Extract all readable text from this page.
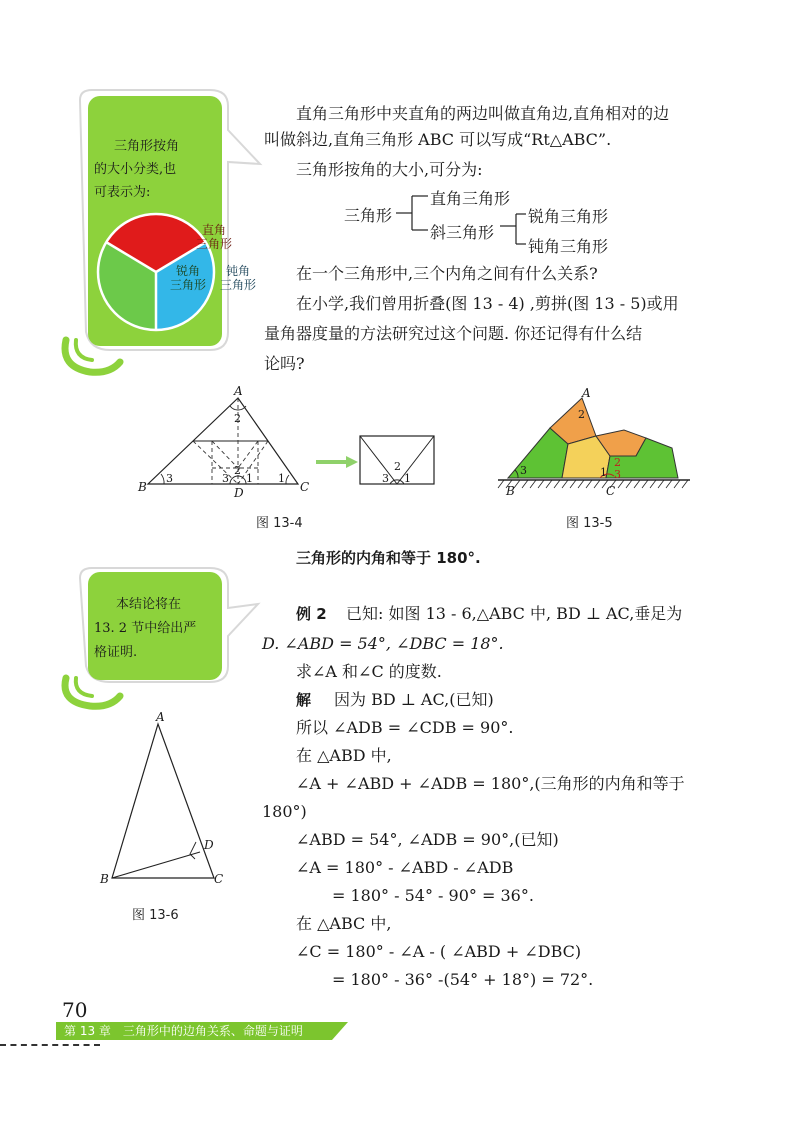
三角形按角
的大小分类,也
可表示为:
直角
三角形
锐角
三角形
钝角
三角形
直角三角形中夹直角的两边叫做直角边,直角相对的边
叫做斜边,直角三角形 ABC 可以写成“Rt△ABC”.
三角形按角的大小,可分为:
三角形
直角三角形
斜三角形
锐角三角形
钝角三角形
在一个三角形中,三个内角之间有什么关系?
在小学,我们曾用折叠(图 13 - 4) ,剪拼(图 13 - 5)或用
量角器度量的方法研究过这个问题. 你还记得有什么结
论吗?
A
2
B
3
C
1
D
2
3 1
2
3 1
图 13-4
A
2
B
3
C
1
2
3
图 13-5
三角形的内角和等于 180°.
本结论将在
13. 2 节中给出严
格证明.
例 2 已知: 如图 13 - 6,△ABC 中, BD ⊥ AC,垂足为
D. ∠ABD = 54°, ∠DBC = 18°.
求∠A 和∠C 的度数.
解 因为 BD ⊥ AC,(已知)
所以 ∠ADB = ∠CDB = 90°.
在 △ABD 中,
∠A + ∠ABD + ∠ADB = 180°,(三角形的内角和等于
180°)
∠ABD = 54°, ∠ADB = 90°,(已知)
∠A = 180° - ∠ABD - ∠ADB
= 180° - 54° - 90° = 36°.
在 △ABC 中,
∠C = 180° - ∠A - ( ∠ABD + ∠DBC)
= 180° - 36° -(54° + 18°) = 72°.
A
B	C
D
图 13-6
70
第 13 章　三角形中的边角关系、命题与证明
